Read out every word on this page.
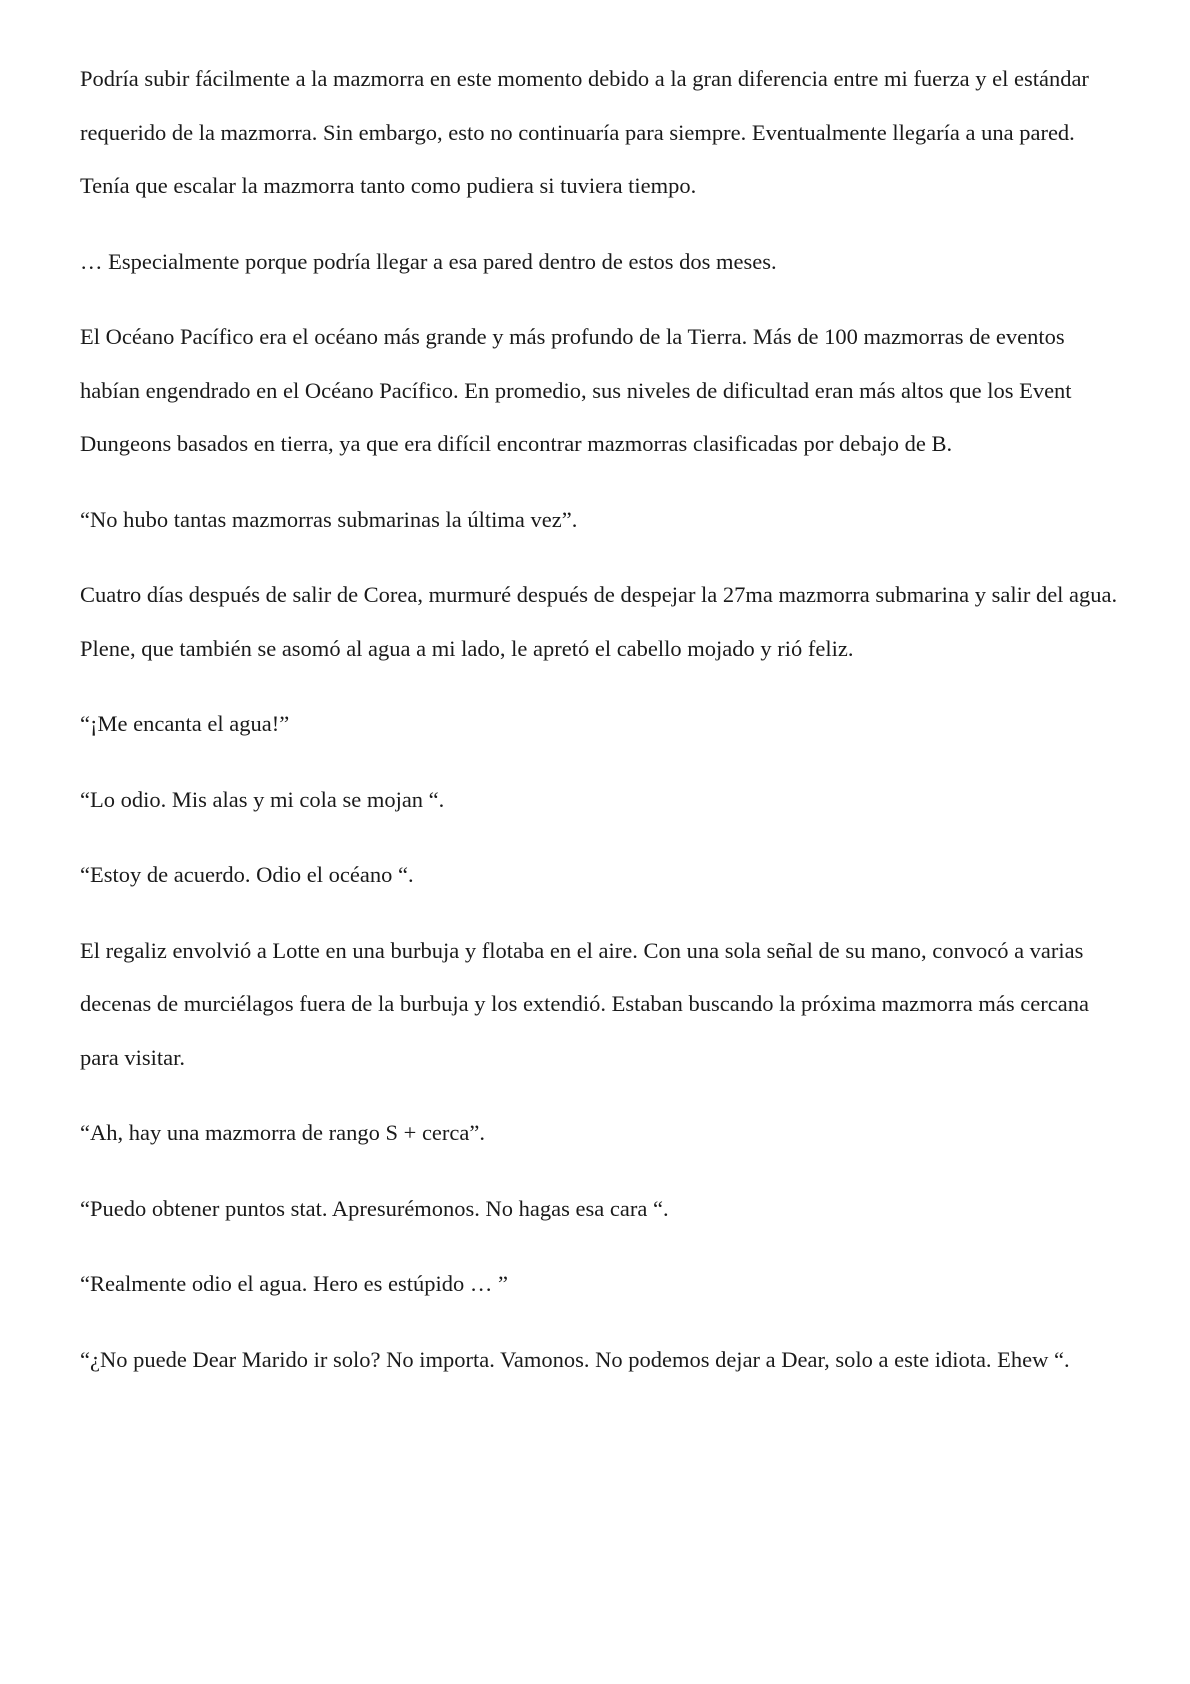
Podría subir fácilmente a la mazmorra en este momento debido a la gran diferencia entre mi fuerza y el estándar requerido de la mazmorra. Sin embargo, esto no continuaría para siempre. Eventualmente llegaría a una pared. Tenía que escalar la mazmorra tanto como pudiera si tuviera tiempo.

… Especialmente porque podría llegar a esa pared dentro de estos dos meses.

El Océano Pacífico era el océano más grande y más profundo de la Tierra. Más de 100 mazmorras de eventos habían engendrado en el Océano Pacífico. En promedio, sus niveles de dificultad eran más altos que los Event Dungeons basados en tierra, ya que era difícil encontrar mazmorras clasificadas por debajo de B.

“No hubo tantas mazmorras submarinas la última vez”.

Cuatro días después de salir de Corea, murmuré después de despejar la 27ma mazmorra submarina y salir del agua. Plene, que también se asomó al agua a mi lado, le apretó el cabello mojado y rió feliz.

“¡Me encanta el agua!”

“Lo odio. Mis alas y mi cola se mojan “.

“Estoy de acuerdo. Odio el océano “.

El regaliz envolvió a Lotte en una burbuja y flotaba en el aire. Con una sola señal de su mano, convocó a varias decenas de murciélagos fuera de la burbuja y los extendió. Estaban buscando la próxima mazmorra más cercana para visitar.

“Ah, hay una mazmorra de rango S + cerca”.

“Puedo obtener puntos stat. Apresurémonos. No hagas esa cara “.

“Realmente odio el agua. Hero es estúpido … ”

“¿No puede Dear Marido ir solo? No importa. Vamonos. No podemos dejar a Dear, solo a este idiota. Ehew “.
